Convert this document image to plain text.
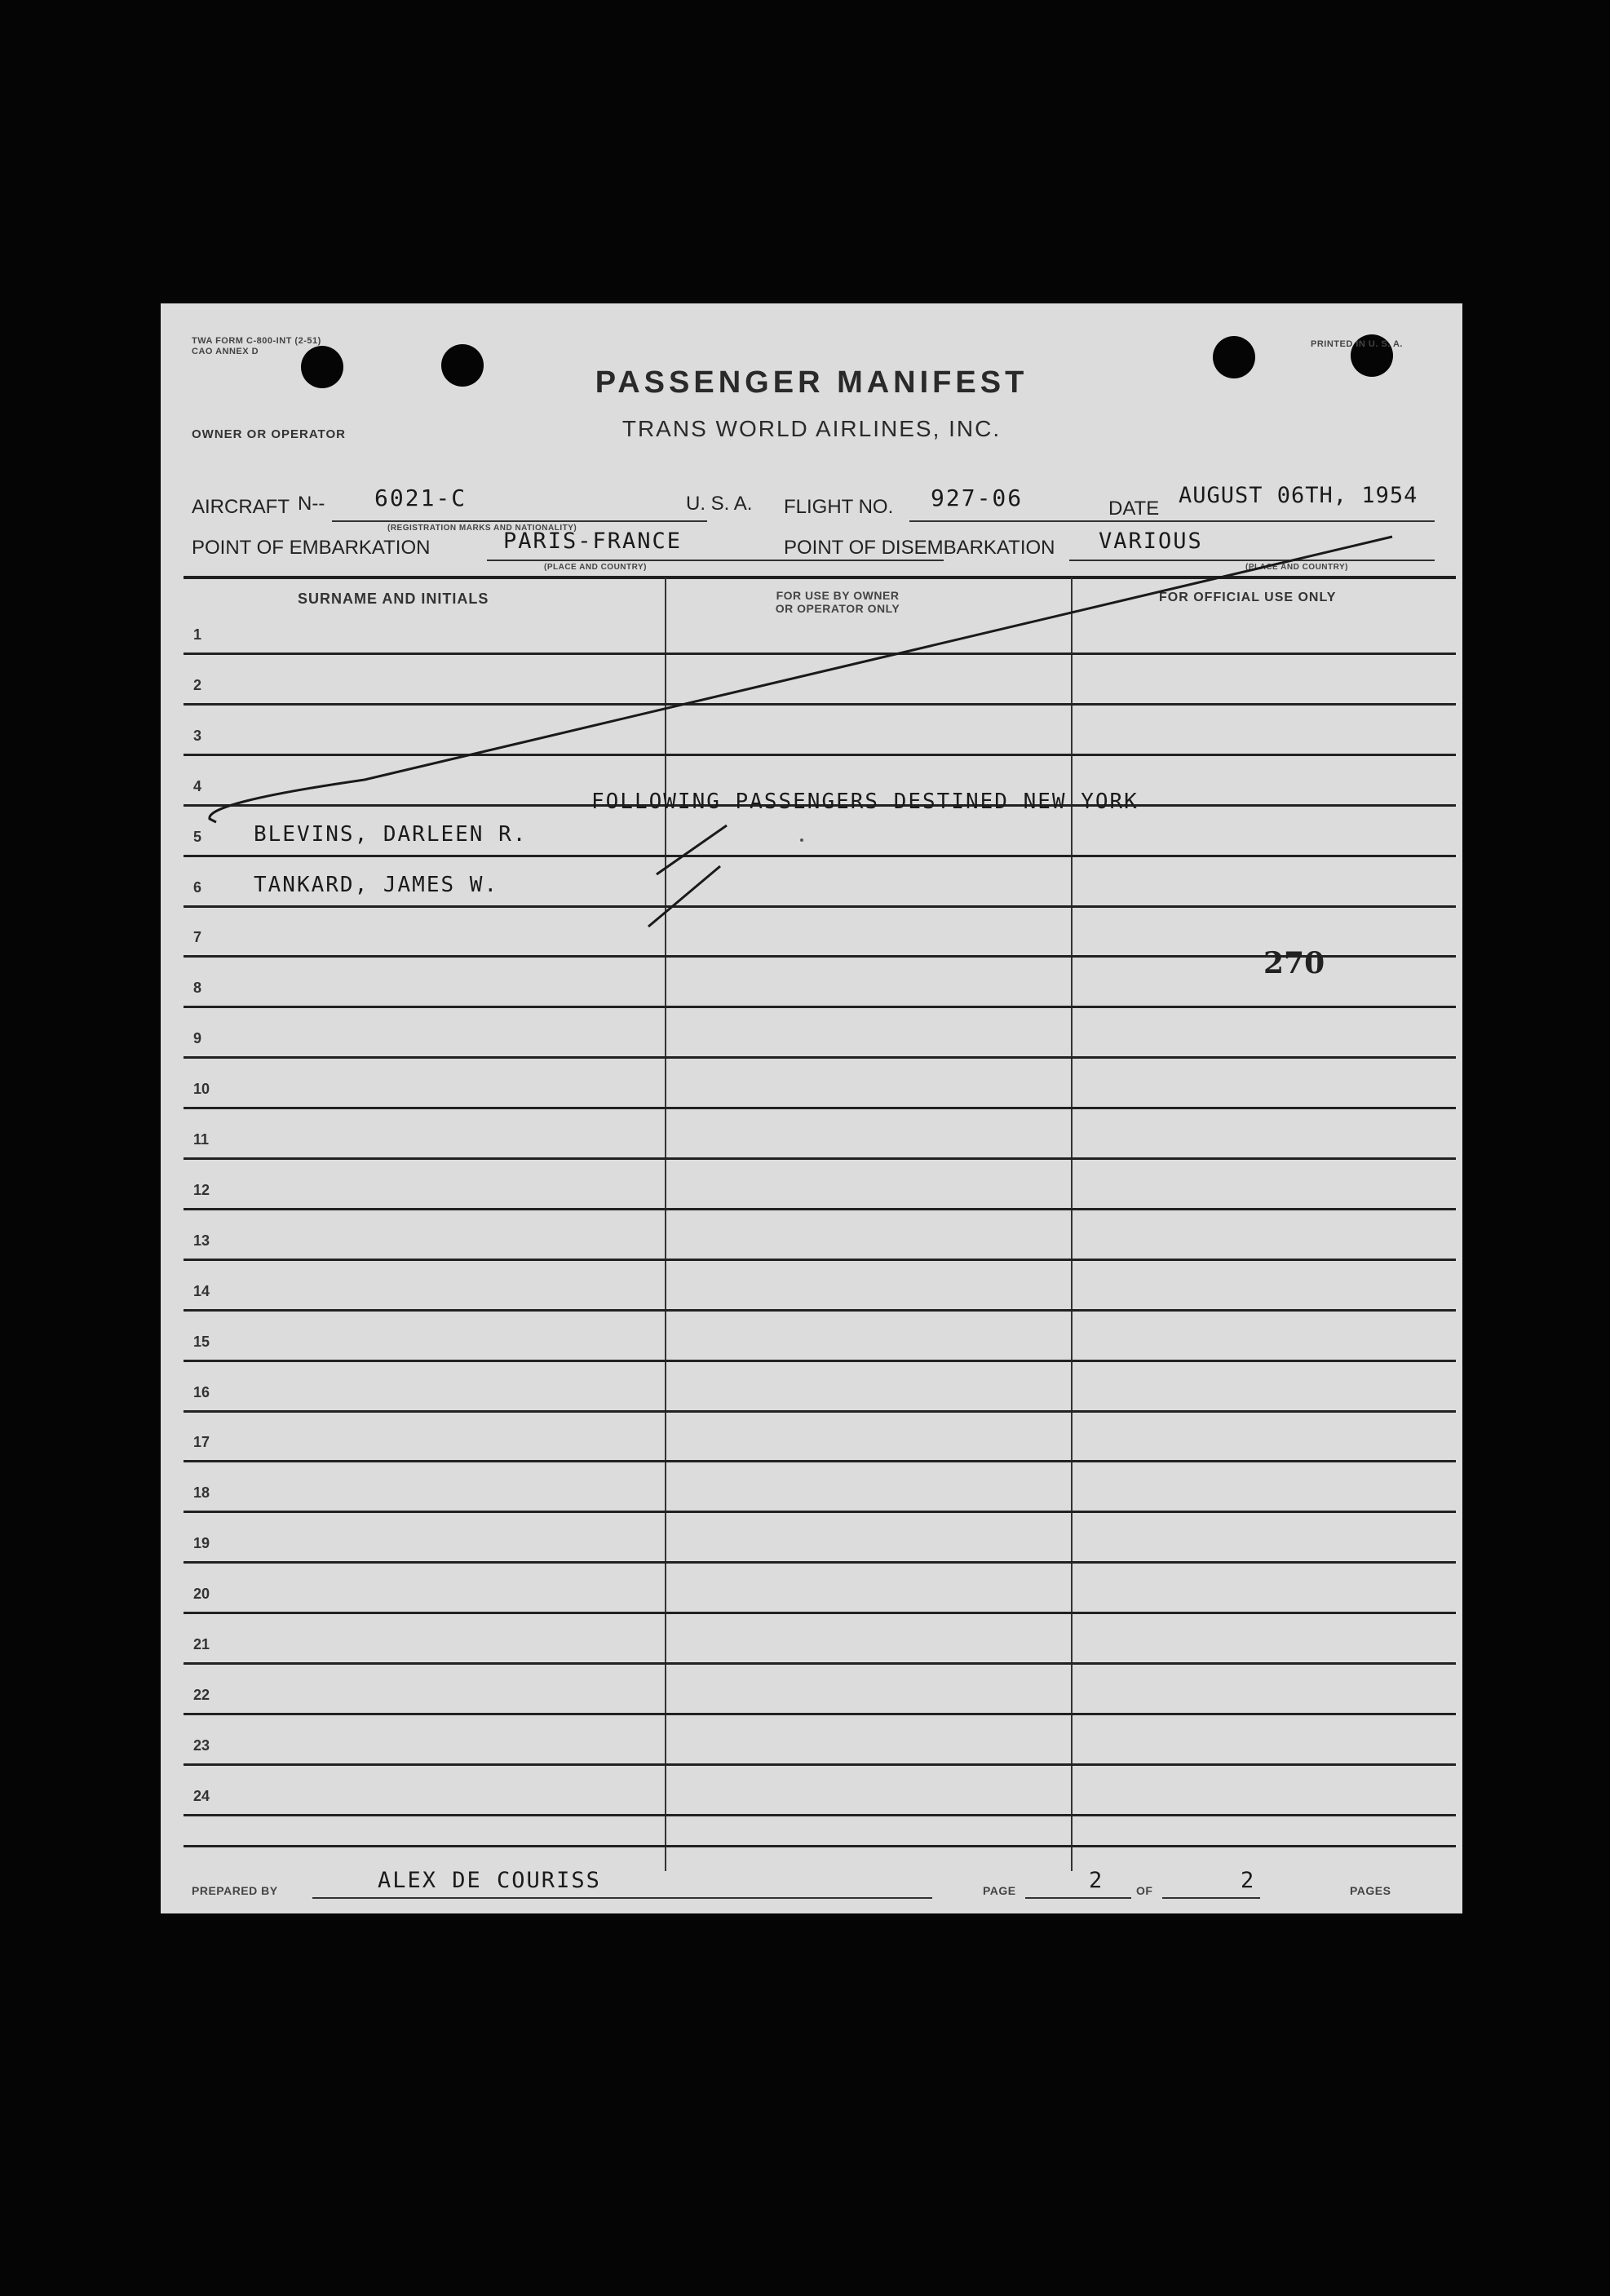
TWA FORM C-800-INT (2-51)
CAO ANNEX D
PRINTED IN U. S. A.
PASSENGER MANIFEST
OWNER OR OPERATOR	TRANS WORLD AIRLINES, INC.
AIRCRAFT N-- 6021-C
(REGISTRATION MARKS AND NATIONALITY)
U. S. A. FLIGHT NO. 927-06	DATE
AUGUST 06TH, 1954
POINT OF EMBARKATION	PARIS-FRANCE
(PLACE AND COUNTRY)
POINT OF DISEMBARKATION VARIOUS
(PLACE AND COUNTRY)
SURNAME AND INITIALS	FOR USE BY OWNER
OR OPERATOR ONLY
FOR OFFICIAL USE ONLY
1
2
3
4
5 BLEVINS, DARLEEN R.
6 TANKARD, JAMES W.
7
8
9
10
11
12
13
14
15
16
17
18
19
20
21
22
23
24
FOLLOWING PASSENGERS DESTINED NEW YORK
270
PREPARED BY	ALEX DE COURISS	PAGE	2	OF	2	PAGES
